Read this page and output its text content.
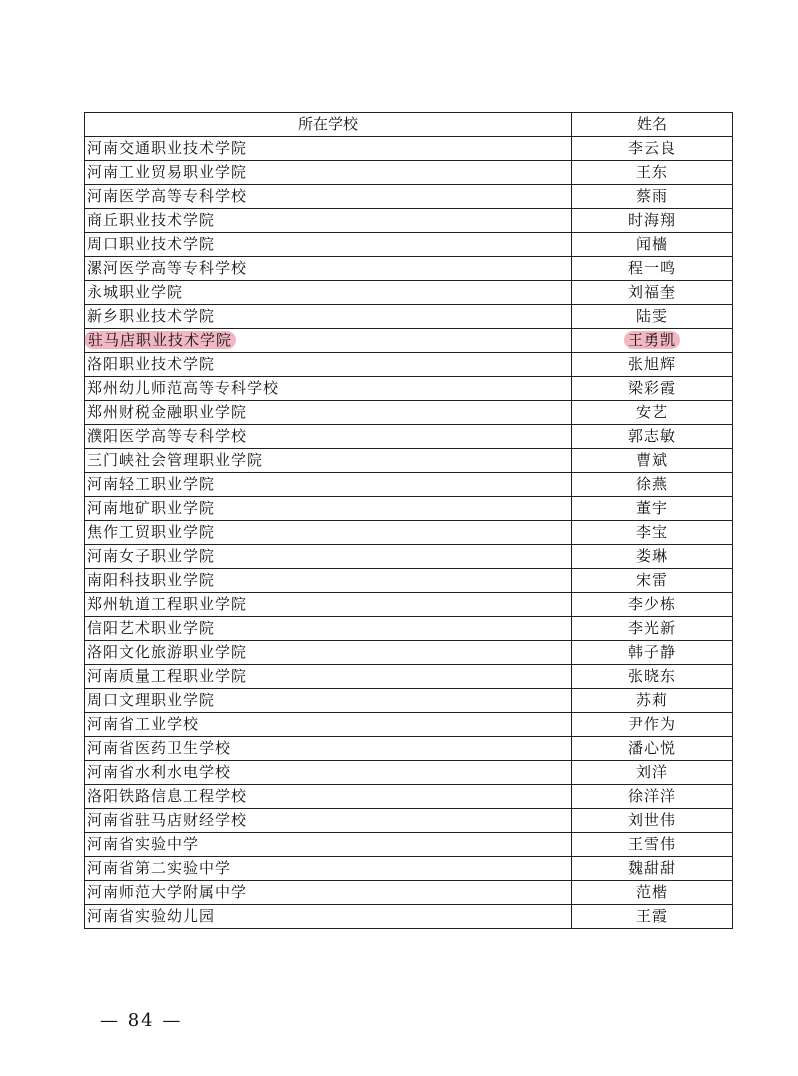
所在学校	姓名
河南交通职业技术学院	李云良
河南工业贸易职业学院	王东
河南医学高等专科学校	蔡雨
商丘职业技术学院	时海翔
周口职业技术学院	闻檣
漯河医学高等专科学校	程一鸣
永城职业学院	刘福奎
新乡职业技术学院	陆雯
驻马店职业技术学院	王勇凯
洛阳职业技术学院	张旭辉
郑州幼儿师范高等专科学校	梁彩霞
郑州财税金融职业学院	安艺
濮阳医学高等专科学校	郭志敏
三门峡社会管理职业学院	曹斌
河南轻工职业学院	徐燕
河南地矿职业学院	董宇
焦作工贸职业学院	李宝
河南女子职业学院	娄琳
南阳科技职业学院	宋雷
郑州轨道工程职业学院	李少栋
信阳艺术职业学院	李光新
洛阳文化旅游职业学院	韩子静
河南质量工程职业学院	张晓东
周口文理职业学院	苏莉
河南省工业学校	尹作为
河南省医药卫生学校	潘心悦
河南省水利水电学校	刘洋
洛阳铁路信息工程学校	徐洋洋
河南省驻马店财经学校	刘世伟
河南省实验中学	王雪伟
河南省第二实验中学	魏甜甜
河南师范大学附属中学	范楷
河南省实验幼儿园	王霞
— 84 —
